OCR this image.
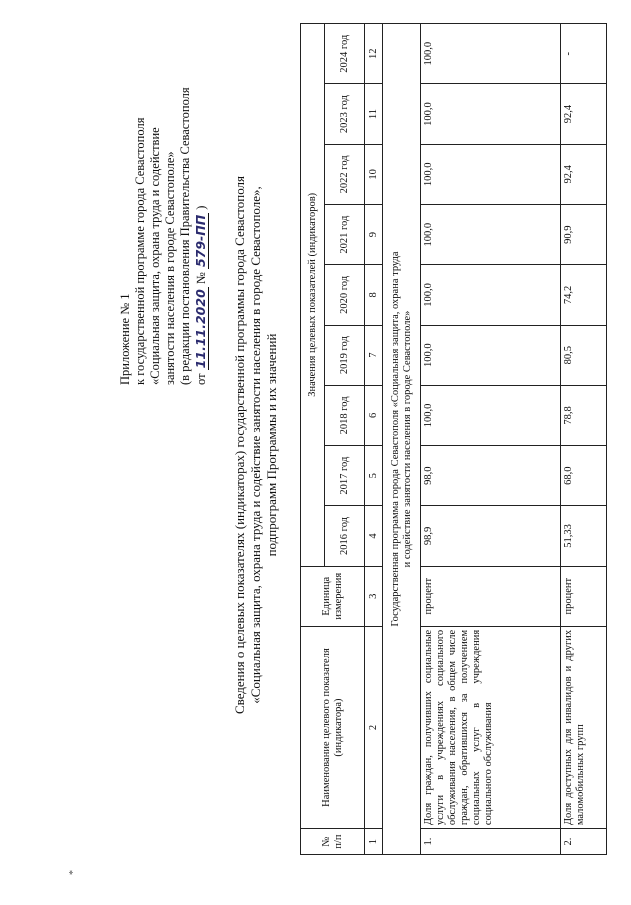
Приложение № 1 к государственной программе города Севастополя «Социальная защита, охрана труда и содействие занятости населения в городе Севастополе» (в редакции постановления Правительства Севастополя от 11.11.2020 № 579-ПП ) Сведения о целевых показателях (индикаторах) государственной программы города Севастополя «Социальная защита, охрана труда и содействие занятости населения в городе Севастополе», подпрограмм Программы и их значений
№ п/п	Наименование целевого показателя (индикатора)	Единица измерения	Значения целевых показателей (индикаторов)								
			2016 год	2017 год	2018 год	2019 год	2020 год	2021 год	2022 год	2023 год	2024 год
1	2	3	4	5	6	7	8	9	10	11	12

Государственная программа города Севастополя «Социальная защита, охрана труда и содействие занятости населения в городе Севастополе»											

1.	Доля граждан, получивших социальные услуги в учреждениях социального обслуживания населения, в общем числе граждан, обратившихся за получением социальных услуг в учреждения социального обслуживания	процент	98,9	98,0	100,0	100,0	100,0	100,0	100,0	100,0	100,0
2.	Доля доступных для инвалидов и других маломобильных групп	процент	51,33	68,0	78,8	80,5	74,2	90,9	92,4	92,4	-
*
